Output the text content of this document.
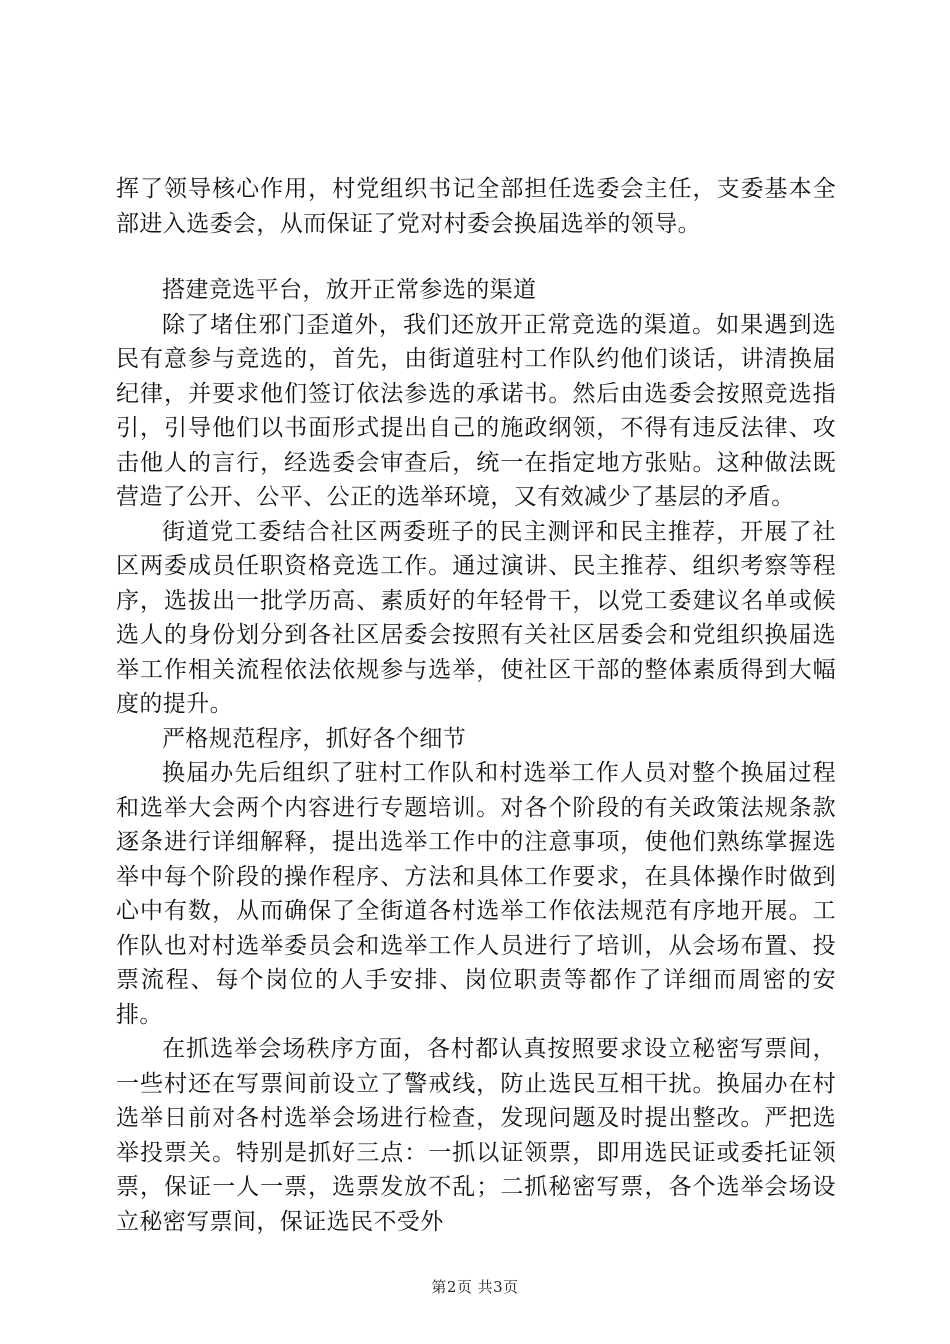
挥了领导核心作用，村党组织书记全部担任选委会主任，支委基本全部进入选委会，从而保证了党对村委会换届选举的领导。

搭建竞选平台，放开正常参选的渠道

除了堵住邪门歪道外，我们还放开正常竞选的渠道。如果遇到选民有意参与竞选的，首先，由街道驻村工作队约他们谈话，讲清换届纪律，并要求他们签订依法参选的承诺书。然后由选委会按照竞选指引，引导他们以书面形式提出自己的施政纲领，不得有违反法律、攻击他人的言行，经选委会审查后，统一在指定地方张贴。这种做法既营造了公开、公平、公正的选举环境，又有效减少了基层的矛盾。

街道党工委结合社区两委班子的民主测评和民主推荐，开展了社区两委成员任职资格竞选工作。通过演讲、民主推荐、组织考察等程序，选拔出一批学历高、素质好的年轻骨干，以党工委建议名单或候选人的身份划分到各社区居委会按照有关社区居委会和党组织换届选举工作相关流程依法依规参与选举，使社区干部的整体素质得到大幅度的提升。

严格规范程序，抓好各个细节

换届办先后组织了驻村工作队和村选举工作人员对整个换届过程和选举大会两个内容进行专题培训。对各个阶段的有关政策法规条款逐条进行详细解释，提出选举工作中的注意事项，使他们熟练掌握选举中每个阶段的操作程序、方法和具体工作要求，在具体操作时做到心中有数，从而确保了全街道各村选举工作依法规范有序地开展。工作队也对村选举委员会和选举工作人员进行了培训，从会场布置、投票流程、每个岗位的人手安排、岗位职责等都作了详细而周密的安排。

在抓选举会场秩序方面，各村都认真按照要求设立秘密写票间，一些村还在写票间前设立了警戒线，防止选民互相干扰。换届办在村选举日前对各村选举会场进行检查，发现问题及时提出整改。严把选举投票关。特别是抓好三点：一抓以证领票，即用选民证或委托证领票，保证一人一票，选票发放不乱；二抓秘密写票，各个选举会场设立秘密写票间，保证选民不受外

第2页 共3页
